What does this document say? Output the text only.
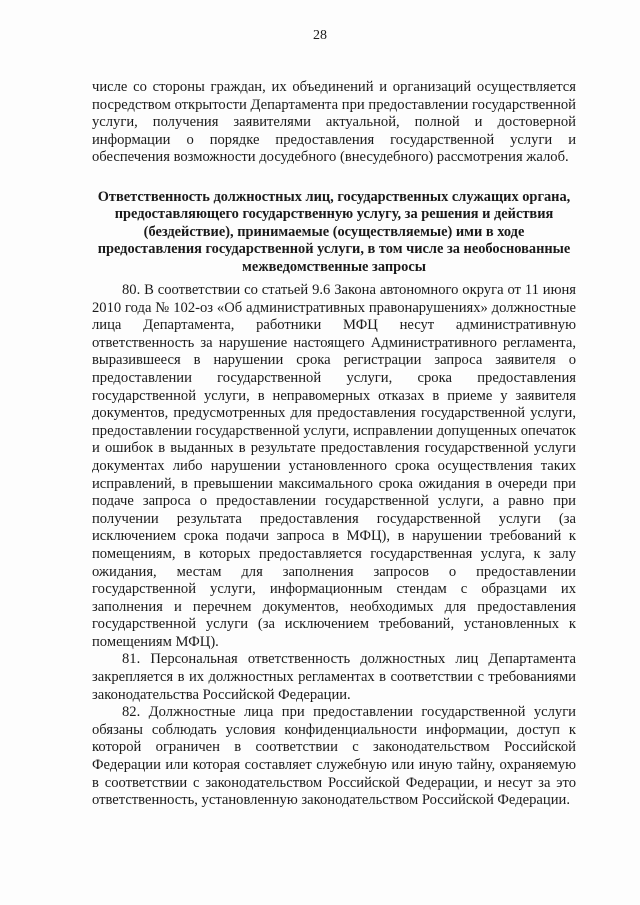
28

числе со стороны граждан, их объединений и организаций осуществляется посредством открытости Департамента при предоставлении государственной услуги, получения заявителями актуальной, полной и достоверной информации о порядке предоставления государственной услуги и обеспечения возможности досудебного (внесудебного) рассмотрения жалоб.

Ответственность должностных лиц, государственных служащих органа, предоставляющего государственную услугу, за решения и действия (бездействие), принимаемые (осуществляемые) ими в ходе предоставления государственной услуги, в том числе за необоснованные межведомственные запросы

80. В соответствии со статьей 9.6 Закона автономного округа от 11 июня 2010 года № 102-оз «Об административных правонарушениях» должностные лица Департамента, работники МФЦ несут административную ответственность за нарушение настоящего Административного регламента, выразившееся в нарушении срока регистрации запроса заявителя о предоставлении государственной услуги, срока предоставления государственной услуги, в неправомерных отказах в приеме у заявителя документов, предусмотренных для предоставления государственной услуги, предоставлении государственной услуги, исправлении допущенных опечаток и ошибок в выданных в результате предоставления государственной услуги документах либо нарушении установленного срока осуществления таких исправлений, в превышении максимального срока ожидания в очереди при подаче запроса о предоставлении государственной услуги, а равно при получении результата предоставления государственной услуги (за исключением срока подачи запроса в МФЦ), в нарушении требований к помещениям, в которых предоставляется государственная услуга, к залу ожидания, местам для заполнения запросов о предоставлении государственной услуги, информационным стендам с образцами их заполнения и перечнем документов, необходимых для предоставления государственной услуги (за исключением требований, установленных к помещениям МФЦ).

81. Персональная ответственность должностных лиц Департамента закрепляется в их должностных регламентах в соответствии с требованиями законодательства Российской Федерации.

82. Должностные лица при предоставлении государственной услуги обязаны соблюдать условия конфиденциальности информации, доступ к которой ограничен в соответствии с законодательством Российской Федерации или которая составляет служебную или иную тайну, охраняемую в соответствии с законодательством Российской Федерации, и несут за это ответственность, установленную законодательством Российской Федерации.
